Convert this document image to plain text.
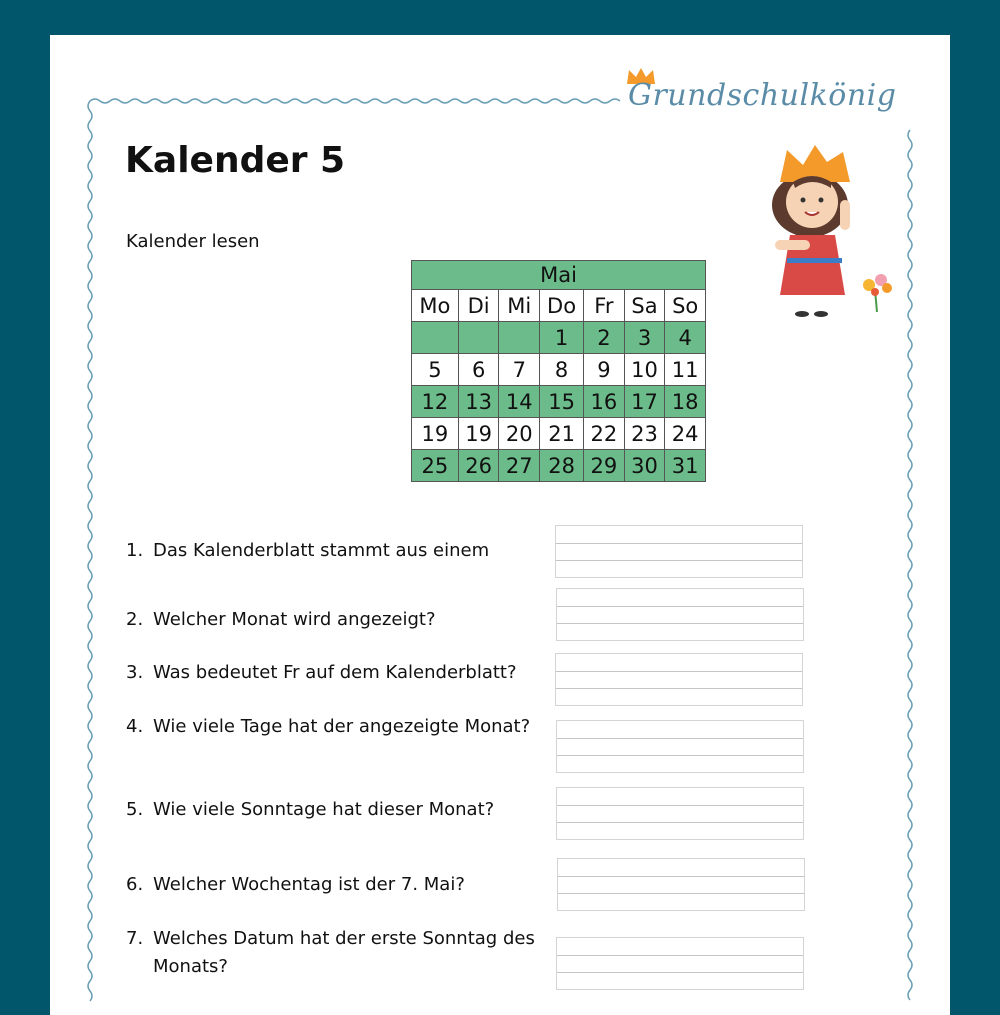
Grundschulkönig
Kalender 5
Kalender lesen
Mai						
Mo	Di	Mi	Do	Fr	Sa	So
			1	2	3	4
5	6	7	8	9	10	11
12	13	14	15	16	17	18
19	19	20	21	22	23	24
25	26	27	28	29	30	31
1. Das Kalenderblatt stammt aus einem
2. Welcher Monat wird angezeigt?
3. Was bedeutet Fr auf dem Kalenderblatt?
4. Wie viele Tage hat der angezeigte Monat?
5. Wie viele Sonntage hat dieser Monat?
6. Welcher Wochentag ist der 7. Mai?
7. Welches Datum hat der erste Sonntag des Monats?
